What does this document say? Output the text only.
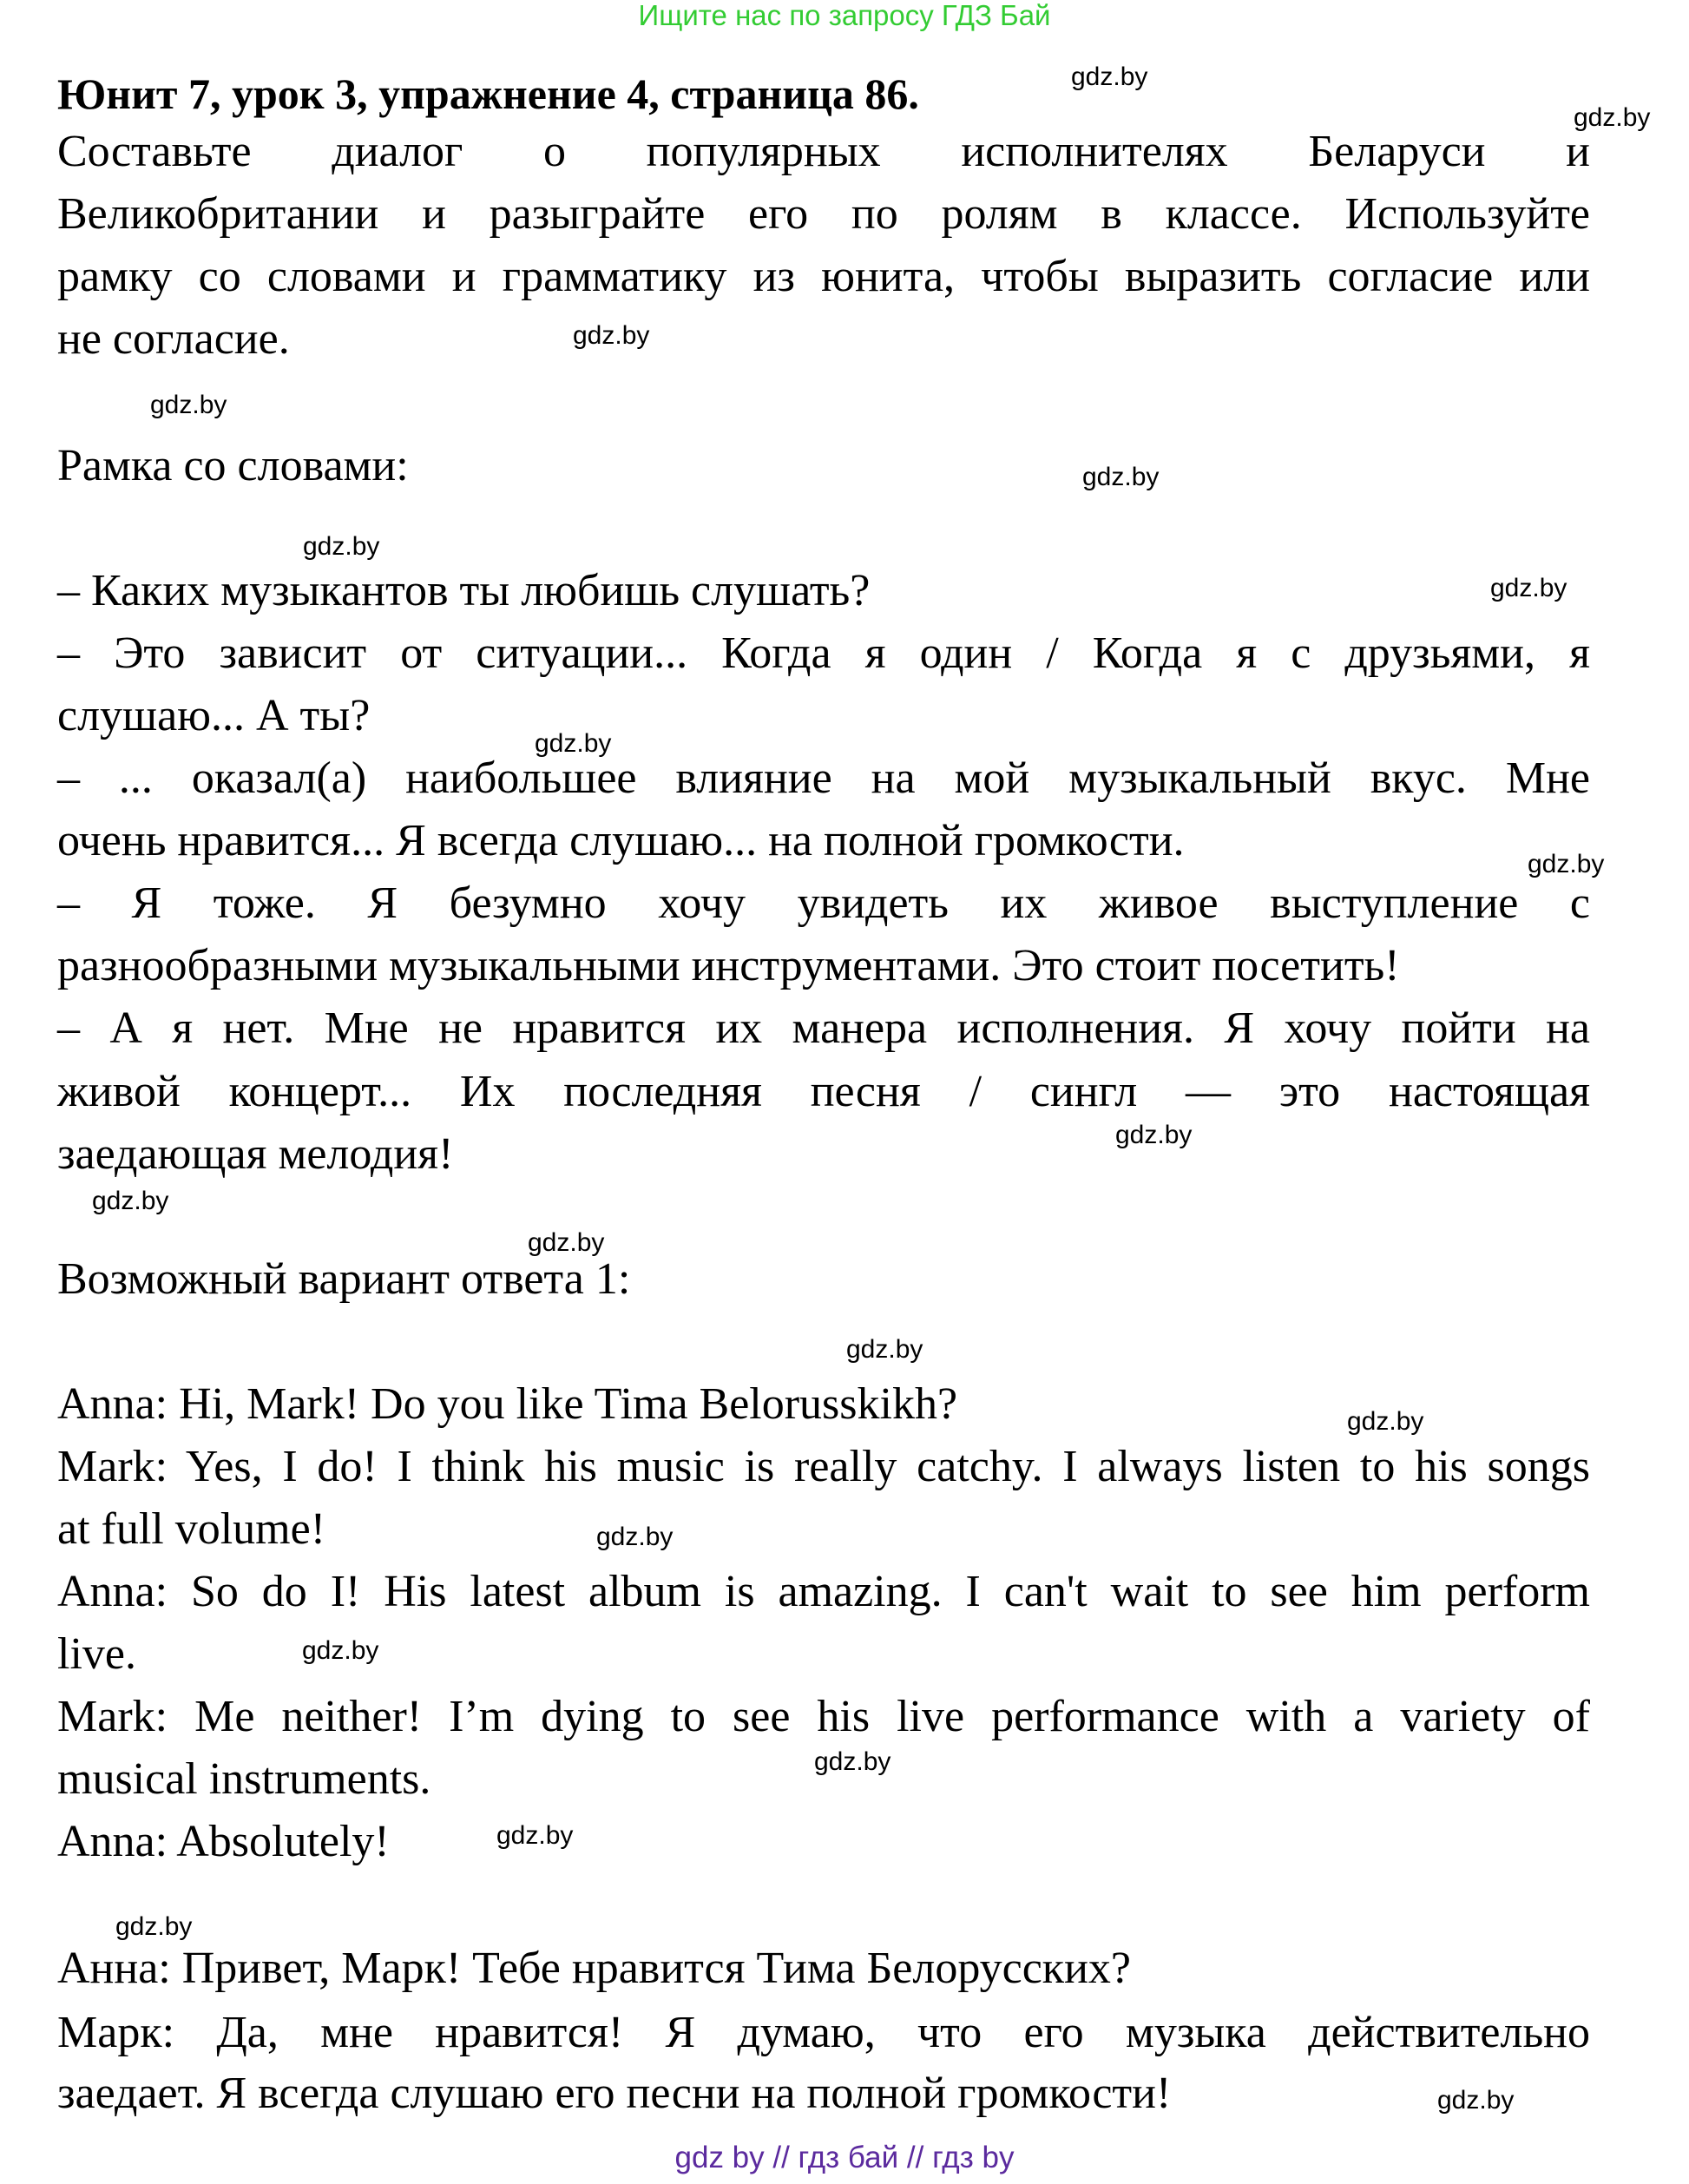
Ищите нас по запросу ГДЗ Бай
Юнит 7, урок 3, упражнение 4, страница 86.
Составьте диалог о популярных исполнителях Беларуси и
Великобритании и разыграйте его по ролям в классе. Используйте
рамку со словами и грамматику из юнита, чтобы выразить согласие или
не согласие.
Рамка со словами:
– Каких музыкантов ты любишь слушать?
– Это зависит от ситуации... Когда я один / Когда я с друзьями, я
слушаю... А ты?
– ... оказал(а) наибольшее влияние на мой музыкальный вкус. Мне
очень нравится... Я всегда слушаю... на полной громкости.
– Я тоже. Я безумно хочу увидеть их живое выступление с
разнообразными музыкальными инструментами. Это стоит посетить!
– А я нет. Мне не нравится их манера исполнения. Я хочу пойти на
живой концерт... Их последняя песня / сингл — это настоящая
заедающая мелодия!
Возможный вариант ответа 1:
Anna: Hi, Mark! Do you like Tima Belorusskikh?
Mark: Yes, I do! I think his music is really catchy. I always listen to his songs
at full volume!
Anna: So do I! His latest album is amazing. I can't wait to see him perform
live.
Mark: Me neither! I’m dying to see his live performance with a variety of
musical instruments.
Anna: Absolutely!
Анна: Привет, Марк! Тебе нравится Тима Белорусских?
Марк: Да, мне нравится! Я думаю, что его музыка действительно
заедает. Я всегда слушаю его песни на полной громкости!
gdz.by
gdz.by
gdz.by
gdz.by
gdz.by
gdz.by
gdz.by
gdz.by
gdz.by
gdz.by
gdz.by
gdz.by
gdz.by
gdz.by
gdz.by
gdz.by
gdz.by
gdz.by
gdz.by
gdz.by
gdz by // гдз бай // гдз by
